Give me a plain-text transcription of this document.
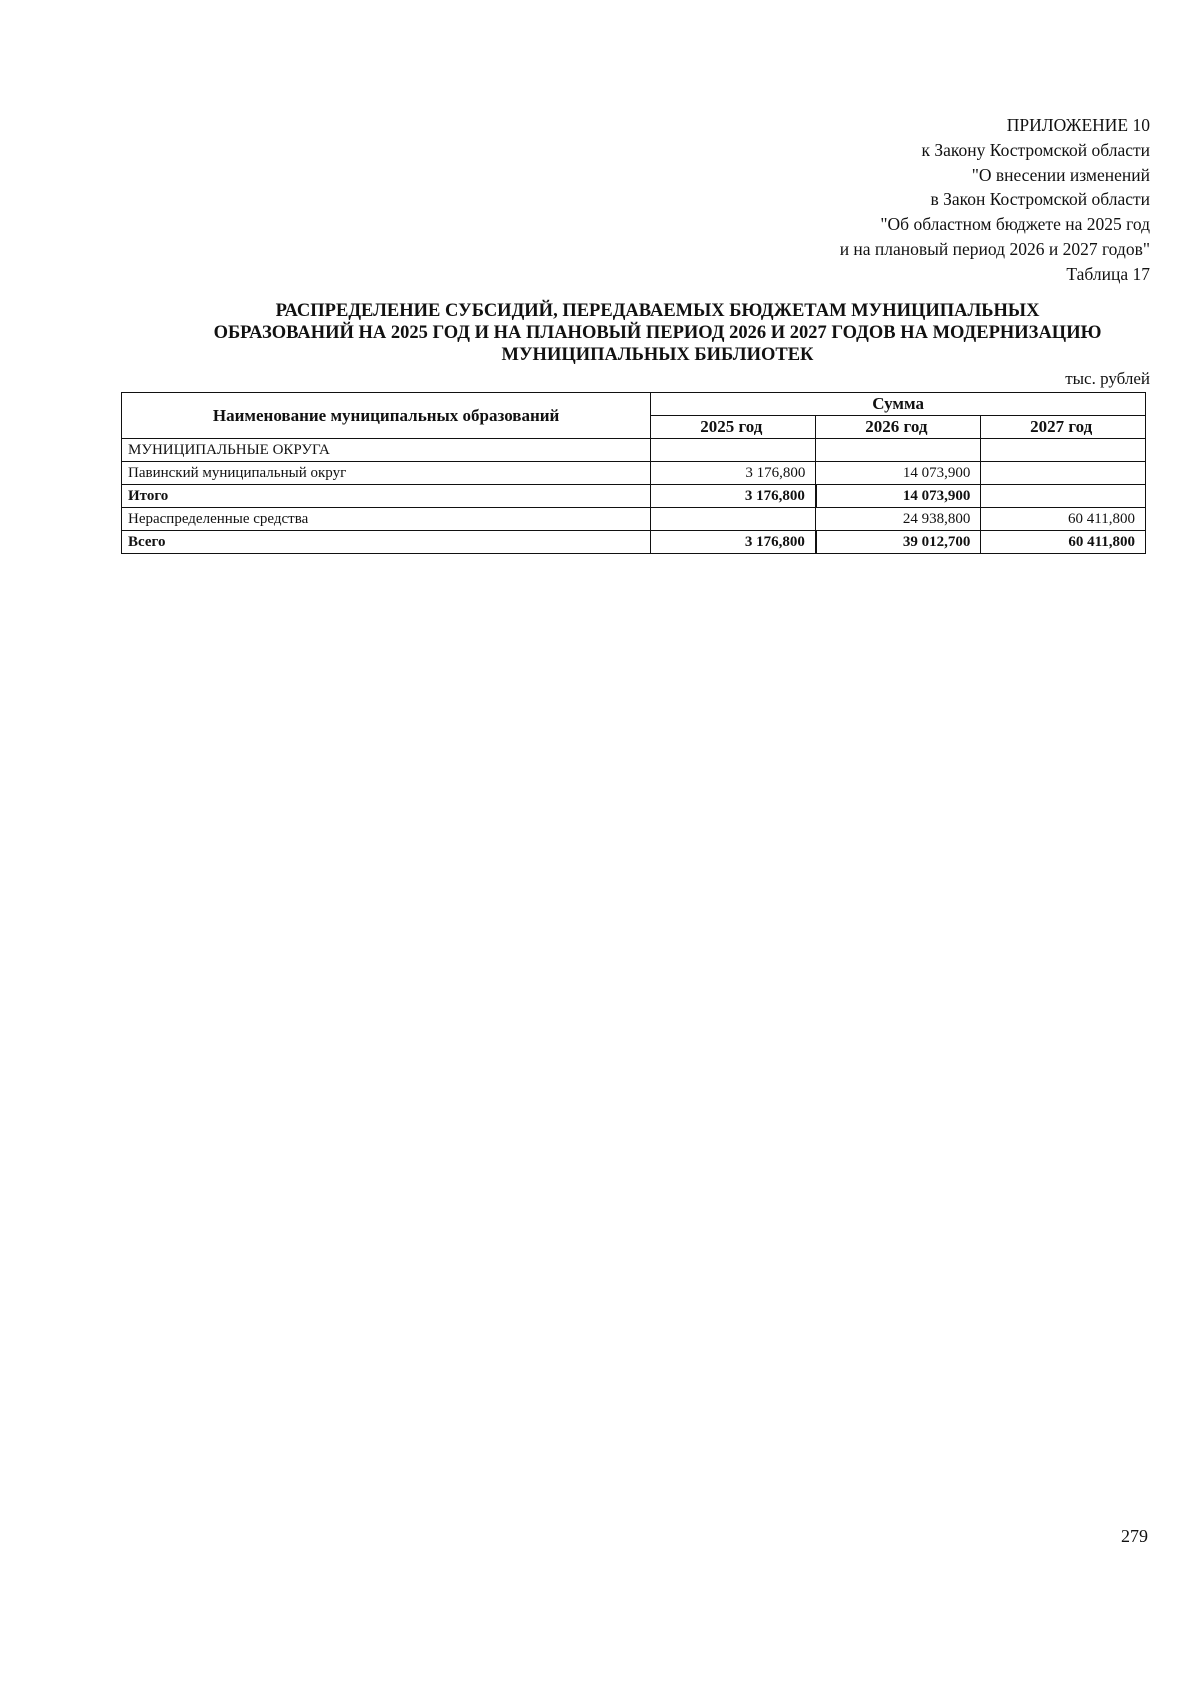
ПРИЛОЖЕНИЕ 10
к Закону Костромской области
"О внесении изменений
в Закон Костромской области
"Об областном бюджете на 2025 год
и на плановый период 2026 и 2027 годов"
Таблица 17
РАСПРЕДЕЛЕНИЕ СУБСИДИЙ, ПЕРЕДАВАЕМЫХ БЮДЖЕТАМ МУНИЦИПАЛЬНЫХ
ОБРАЗОВАНИЙ НА 2025 ГОД И НА ПЛАНОВЫЙ ПЕРИОД 2026 И 2027 ГОДОВ НА МОДЕРНИЗАЦИЮ
МУНИЦИПАЛЬНЫХ БИБЛИОТЕК
тыс. рублей
Наименование муниципальных образований	Сумма		
	2025 год	2026 год	2027 год
МУНИЦИПАЛЬНЫЕ ОКРУГА			
Павинский муниципальный округ	3 176,800	14 073,900	
Итого	3 176,800	14 073,900	
Нераспределенные средства		24 938,800	60 411,800
Всего	3 176,800	39 012,700	60 411,800
279
